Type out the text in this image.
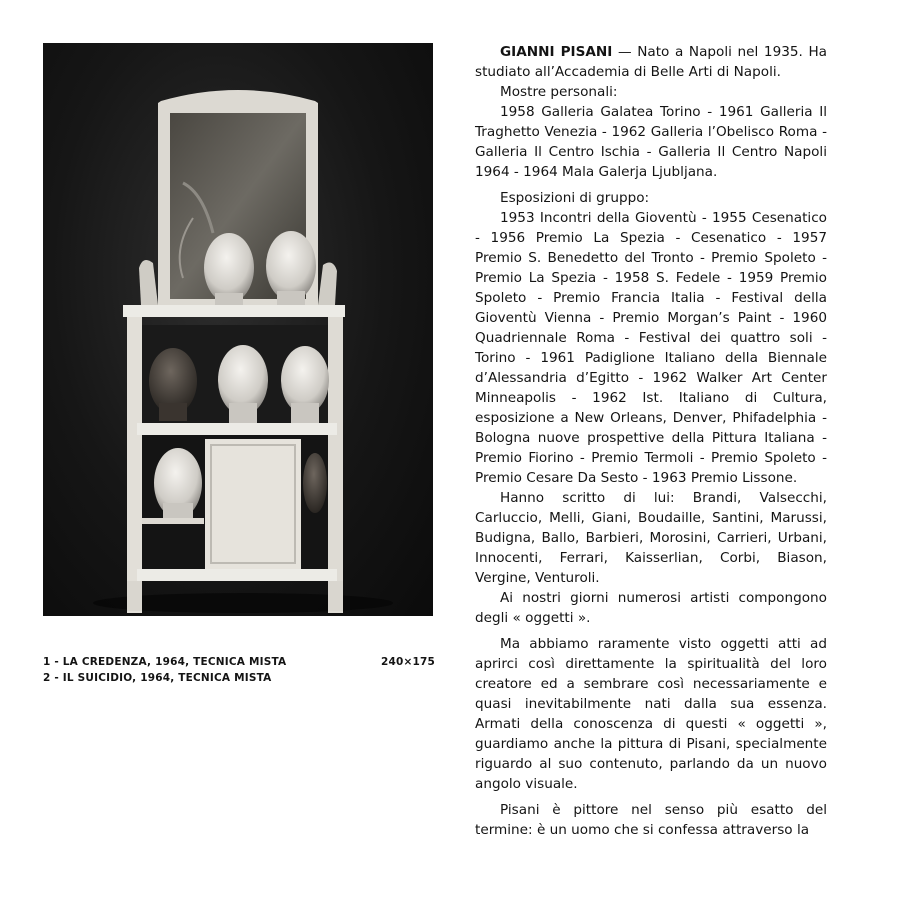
1 - LA CREDENZA, 1964, TECNICA MISTA	240×175
2 - IL SUICIDIO, 1964, TECNICA MISTA

GIANNI PISANI — Nato a Napoli nel 1935. Ha studiato all’Accademia di Belle Arti di Napoli.

Mostre personali:

1958 Galleria Galatea Torino - 1961 Galleria Il Traghetto Venezia - 1962 Galleria l’Obelisco Roma - Galleria Il Centro Ischia - Galleria Il Centro Napoli 1964 - 1964 Mala Galerja Ljubljana.

Esposizioni di gruppo:

1953 Incontri della Gioventù - 1955 Cesenatico - 1956 Premio La Spezia - Cesenatico - 1957 Premio S. Benedetto del Tronto - Premio Spoleto - Premio La Spezia - 1958 S. Fedele - 1959 Premio Spoleto - Premio Francia Italia - Festival della Gioventù Vienna - Premio Morgan’s Paint - 1960 Quadriennale Roma - Festival dei quattro soli - Torino - 1961 Padiglione Italiano della Biennale d’Alessandria d’Egitto - 1962 Walker Art Center Minneapolis - 1962 Ist. Italiano di Cultura, esposizione a New Orleans, Denver, Phifadelphia - Bologna nuove prospettive della Pittura Italiana - Premio Fiorino - Premio Termoli - Premio Spoleto - Premio Cesare Da Sesto - 1963 Premio Lissone.

Hanno scritto di lui: Brandi, Valsecchi, Carluccio, Melli, Giani, Boudaille, Santini, Marussi, Budigna, Ballo, Barbieri, Morosini, Carrieri, Urbani, Innocenti, Ferrari, Kaisserlian, Corbi, Biason, Vergine, Venturoli.

Ai nostri giorni numerosi artisti compongono degli « oggetti ».

Ma abbiamo raramente visto oggetti atti ad aprirci così direttamente la spiritualità del loro creatore ed a sembrare così necessariamente e quasi inevitabilmente nati dalla sua essenza. Armati della conoscenza di questi « oggetti », guardiamo anche la pittura di Pisani, specialmente riguardo al suo contenuto, parlando da un nuovo angolo visuale.

Pisani è pittore nel senso più esatto del termine: è un uomo che si confessa attraverso la
